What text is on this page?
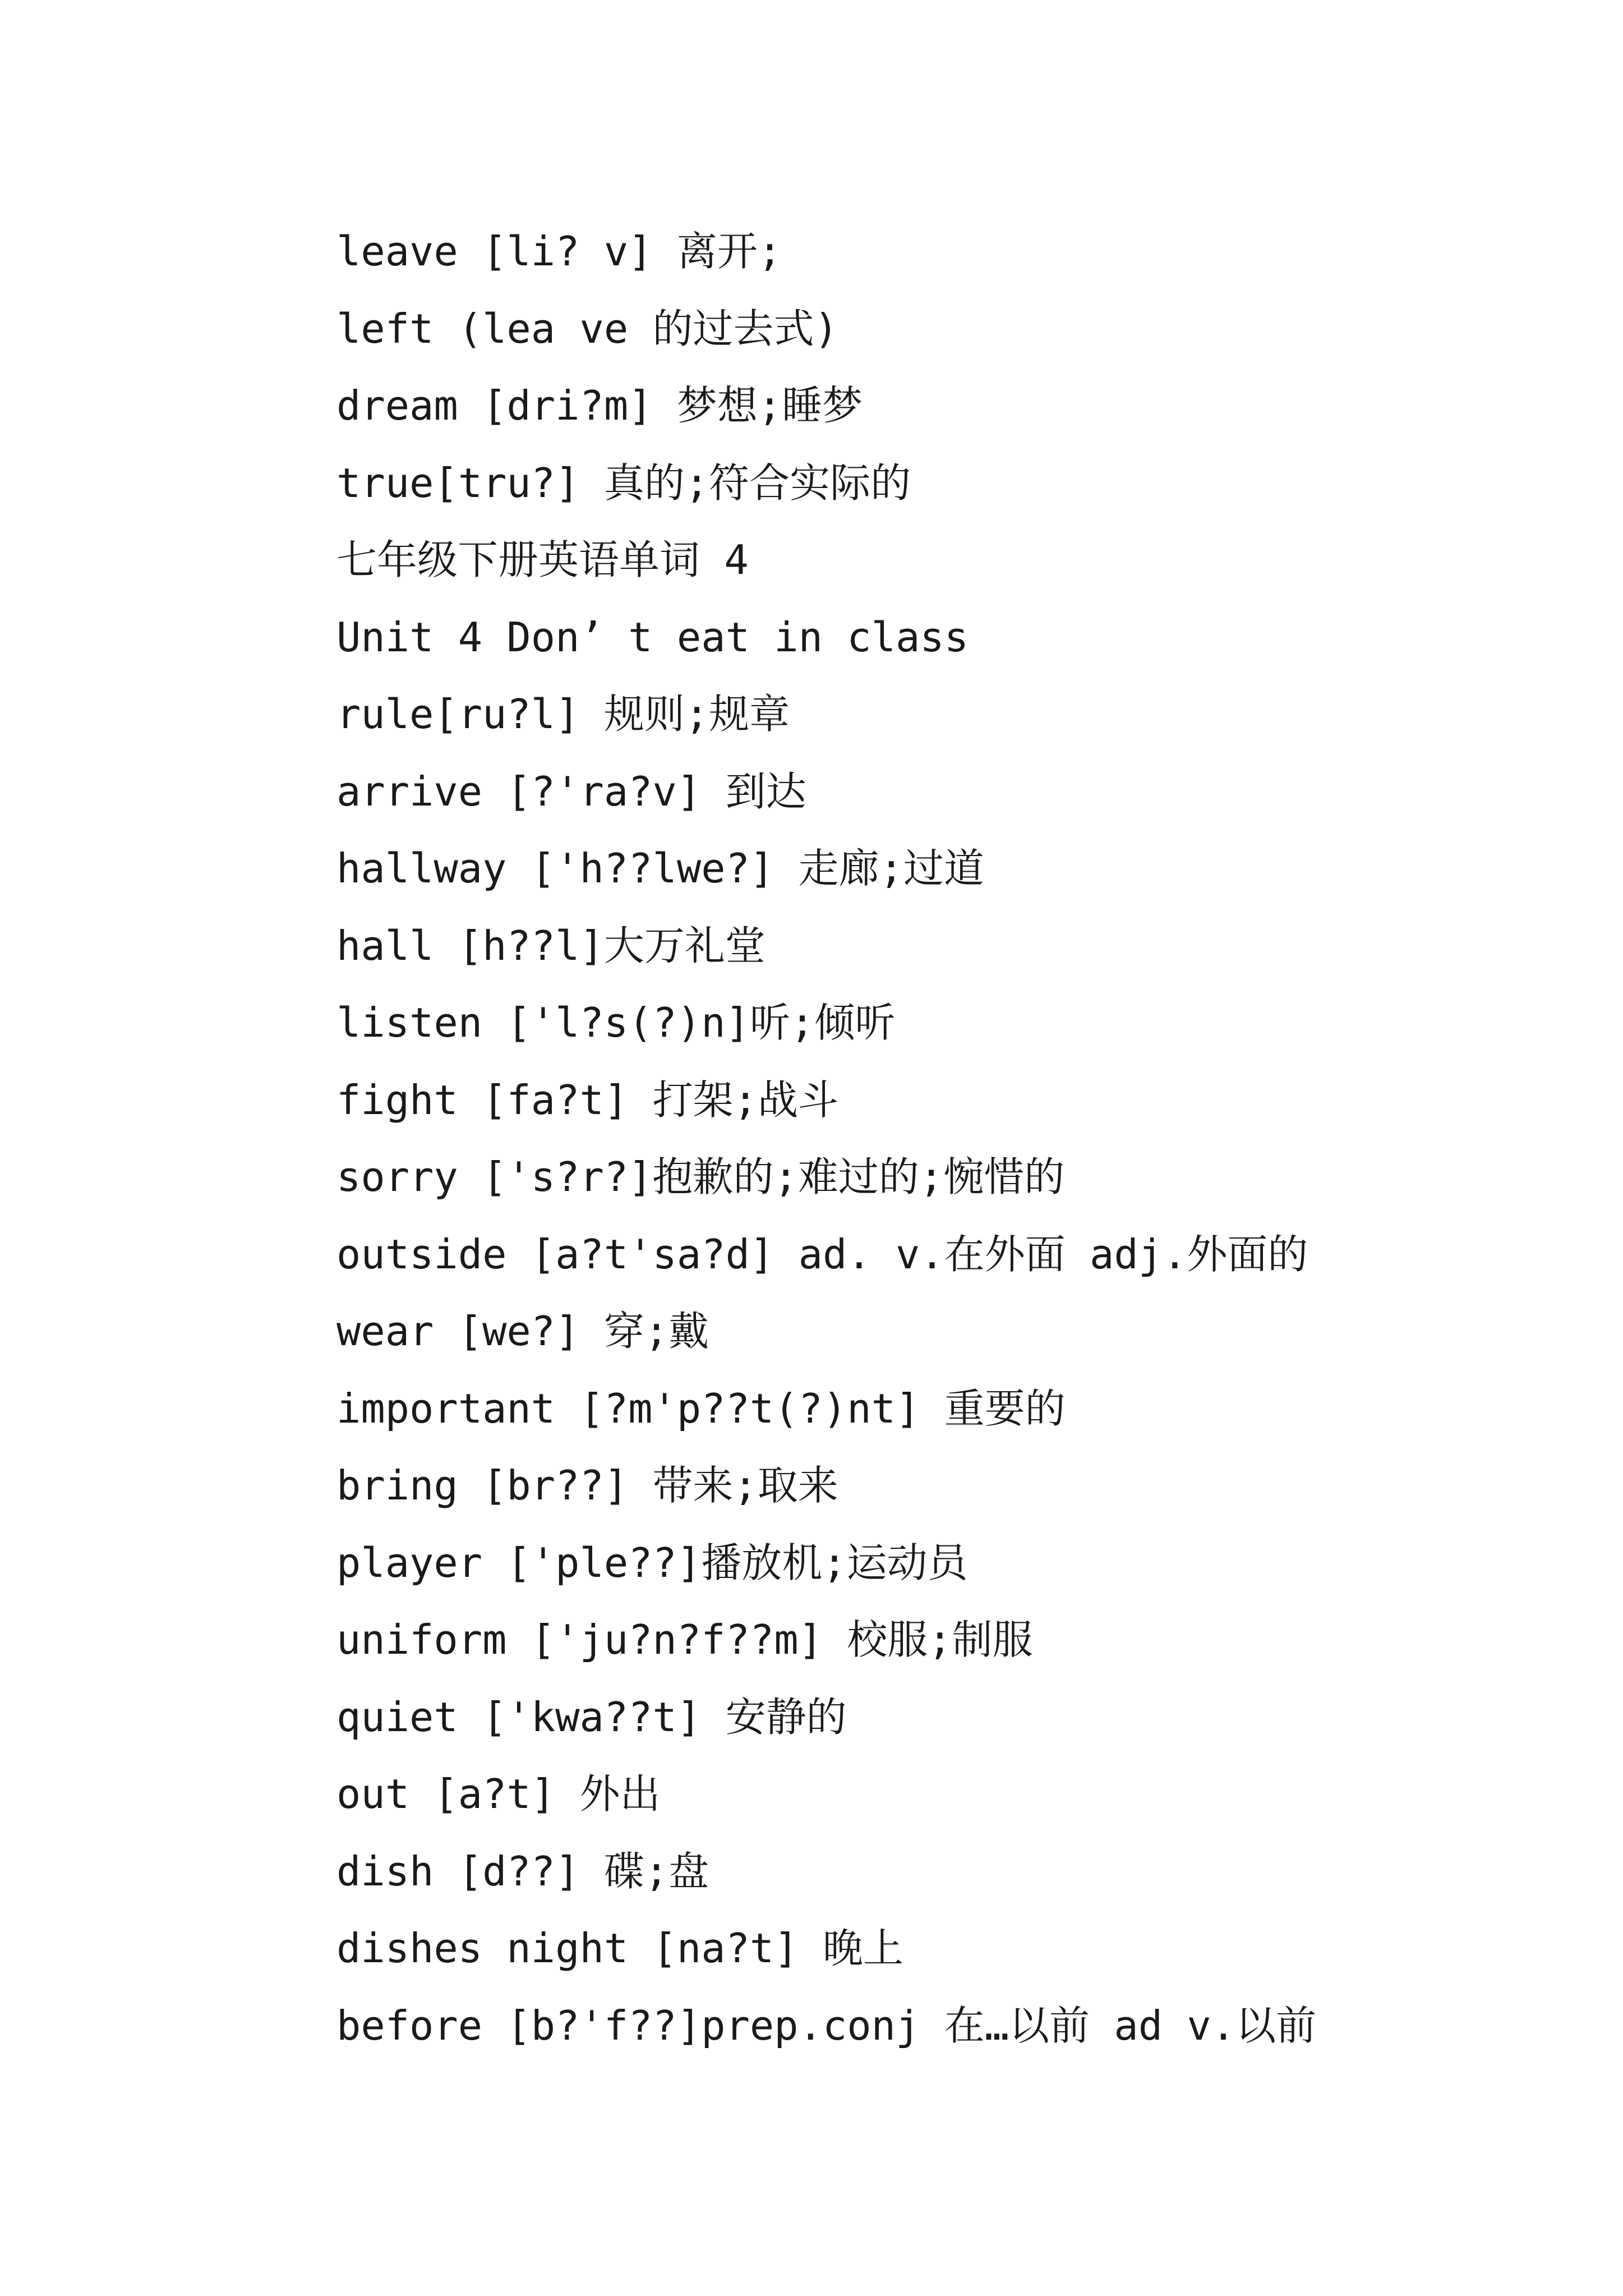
leave [li? v] 离开;
left (lea ve 的过去式)
dream [dri?m] 梦想;睡梦
true[tru?] 真的;符合实际的
七年级下册英语单词 4
Unit 4 Don’ t eat in class
rule[ru?l] 规则;规章
arrive [?'ra?v] 到达
hallway ['h??lwe?] 走廊;过道
hall [h??l]大万礼堂
listen ['l?s(?)n]听;倾听
fight [fa?t] 打架;战斗
sorry ['s?r?]抱歉的;难过的;惋惜的
outside [a?t'sa?d] ad. v.在外面 adj.外面的
wear [we?] 穿;戴
important [?m'p??t(?)nt] 重要的
bring [br??] 带来;取来
player ['ple??]播放机;运动员
uniform ['ju?n?f??m] 校服;制服
quiet ['kwa??t] 安静的
out [a?t] 外出
dish [d??] 碟;盘
dishes night [na?t] 晚上
before [b?'f??]prep.conj 在…以前 ad v.以前
